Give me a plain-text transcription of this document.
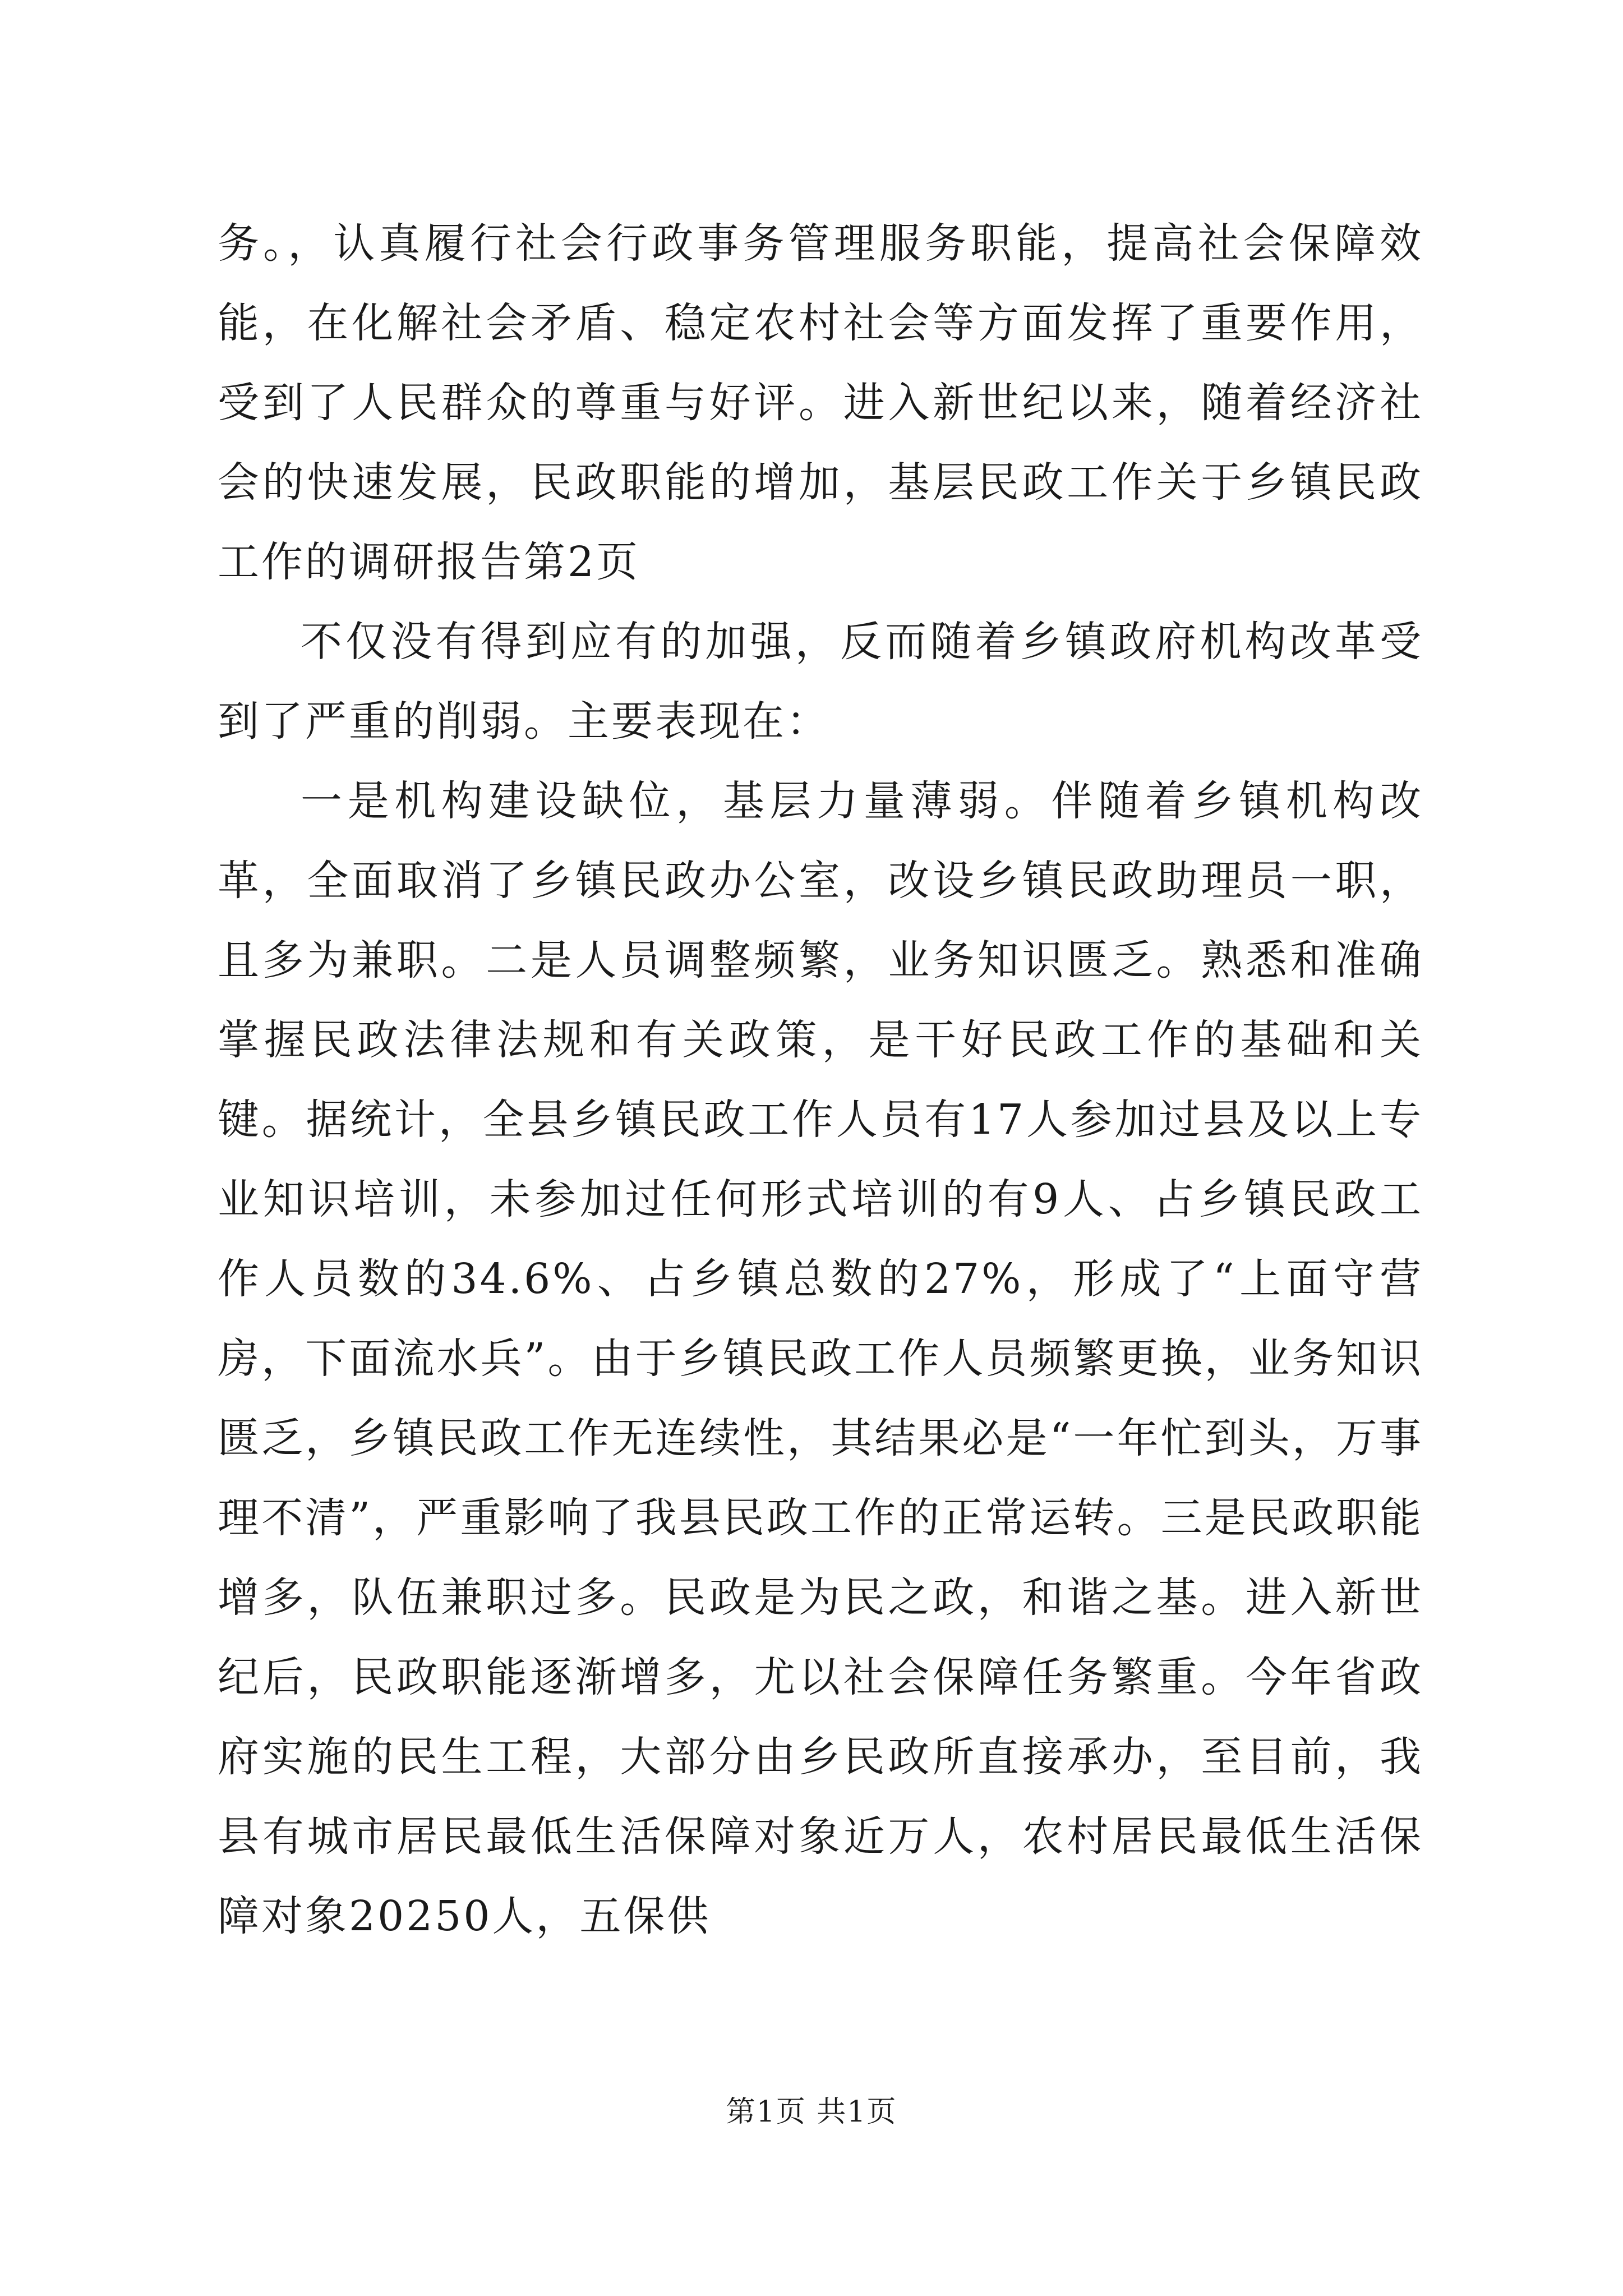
务。，认真履行社会行政事务管理服务职能，提高社会保障效能，在化解社会矛盾、稳定农村社会等方面发挥了重要作用，受到了人民群众的尊重与好评。进入新世纪以来，随着经济社会的快速发展，民政职能的增加，基层民政工作关于乡镇民政工作的调研报告第2页

不仅没有得到应有的加强，反而随着乡镇政府机构改革受到了严重的削弱。主要表现在：

一是机构建设缺位，基层力量薄弱。伴随着乡镇机构改革，全面取消了乡镇民政办公室，改设乡镇民政助理员一职，且多为兼职。二是人员调整频繁，业务知识匮乏。熟悉和准确掌握民政法律法规和有关政策，是干好民政工作的基础和关键。据统计，全县乡镇民政工作人员有17人参加过县及以上专业知识培训，未参加过任何形式培训的有9人、占乡镇民政工作人员数的34.6%、占乡镇总数的27%，形成了“上面守营房，下面流水兵”。由于乡镇民政工作人员频繁更换，业务知识匮乏，乡镇民政工作无连续性，其结果必是“一年忙到头，万事理不清”，严重影响了我县民政工作的正常运转。三是民政职能增多，队伍兼职过多。民政是为民之政，和谐之基。进入新世纪后，民政职能逐渐增多，尤以社会保障任务繁重。今年省政府实施的民生工程，大部分由乡民政所直接承办，至目前，我县有城市居民最低生活保障对象近万人，农村居民最低生活保障对象20250人，五保供

第1页 共1页
